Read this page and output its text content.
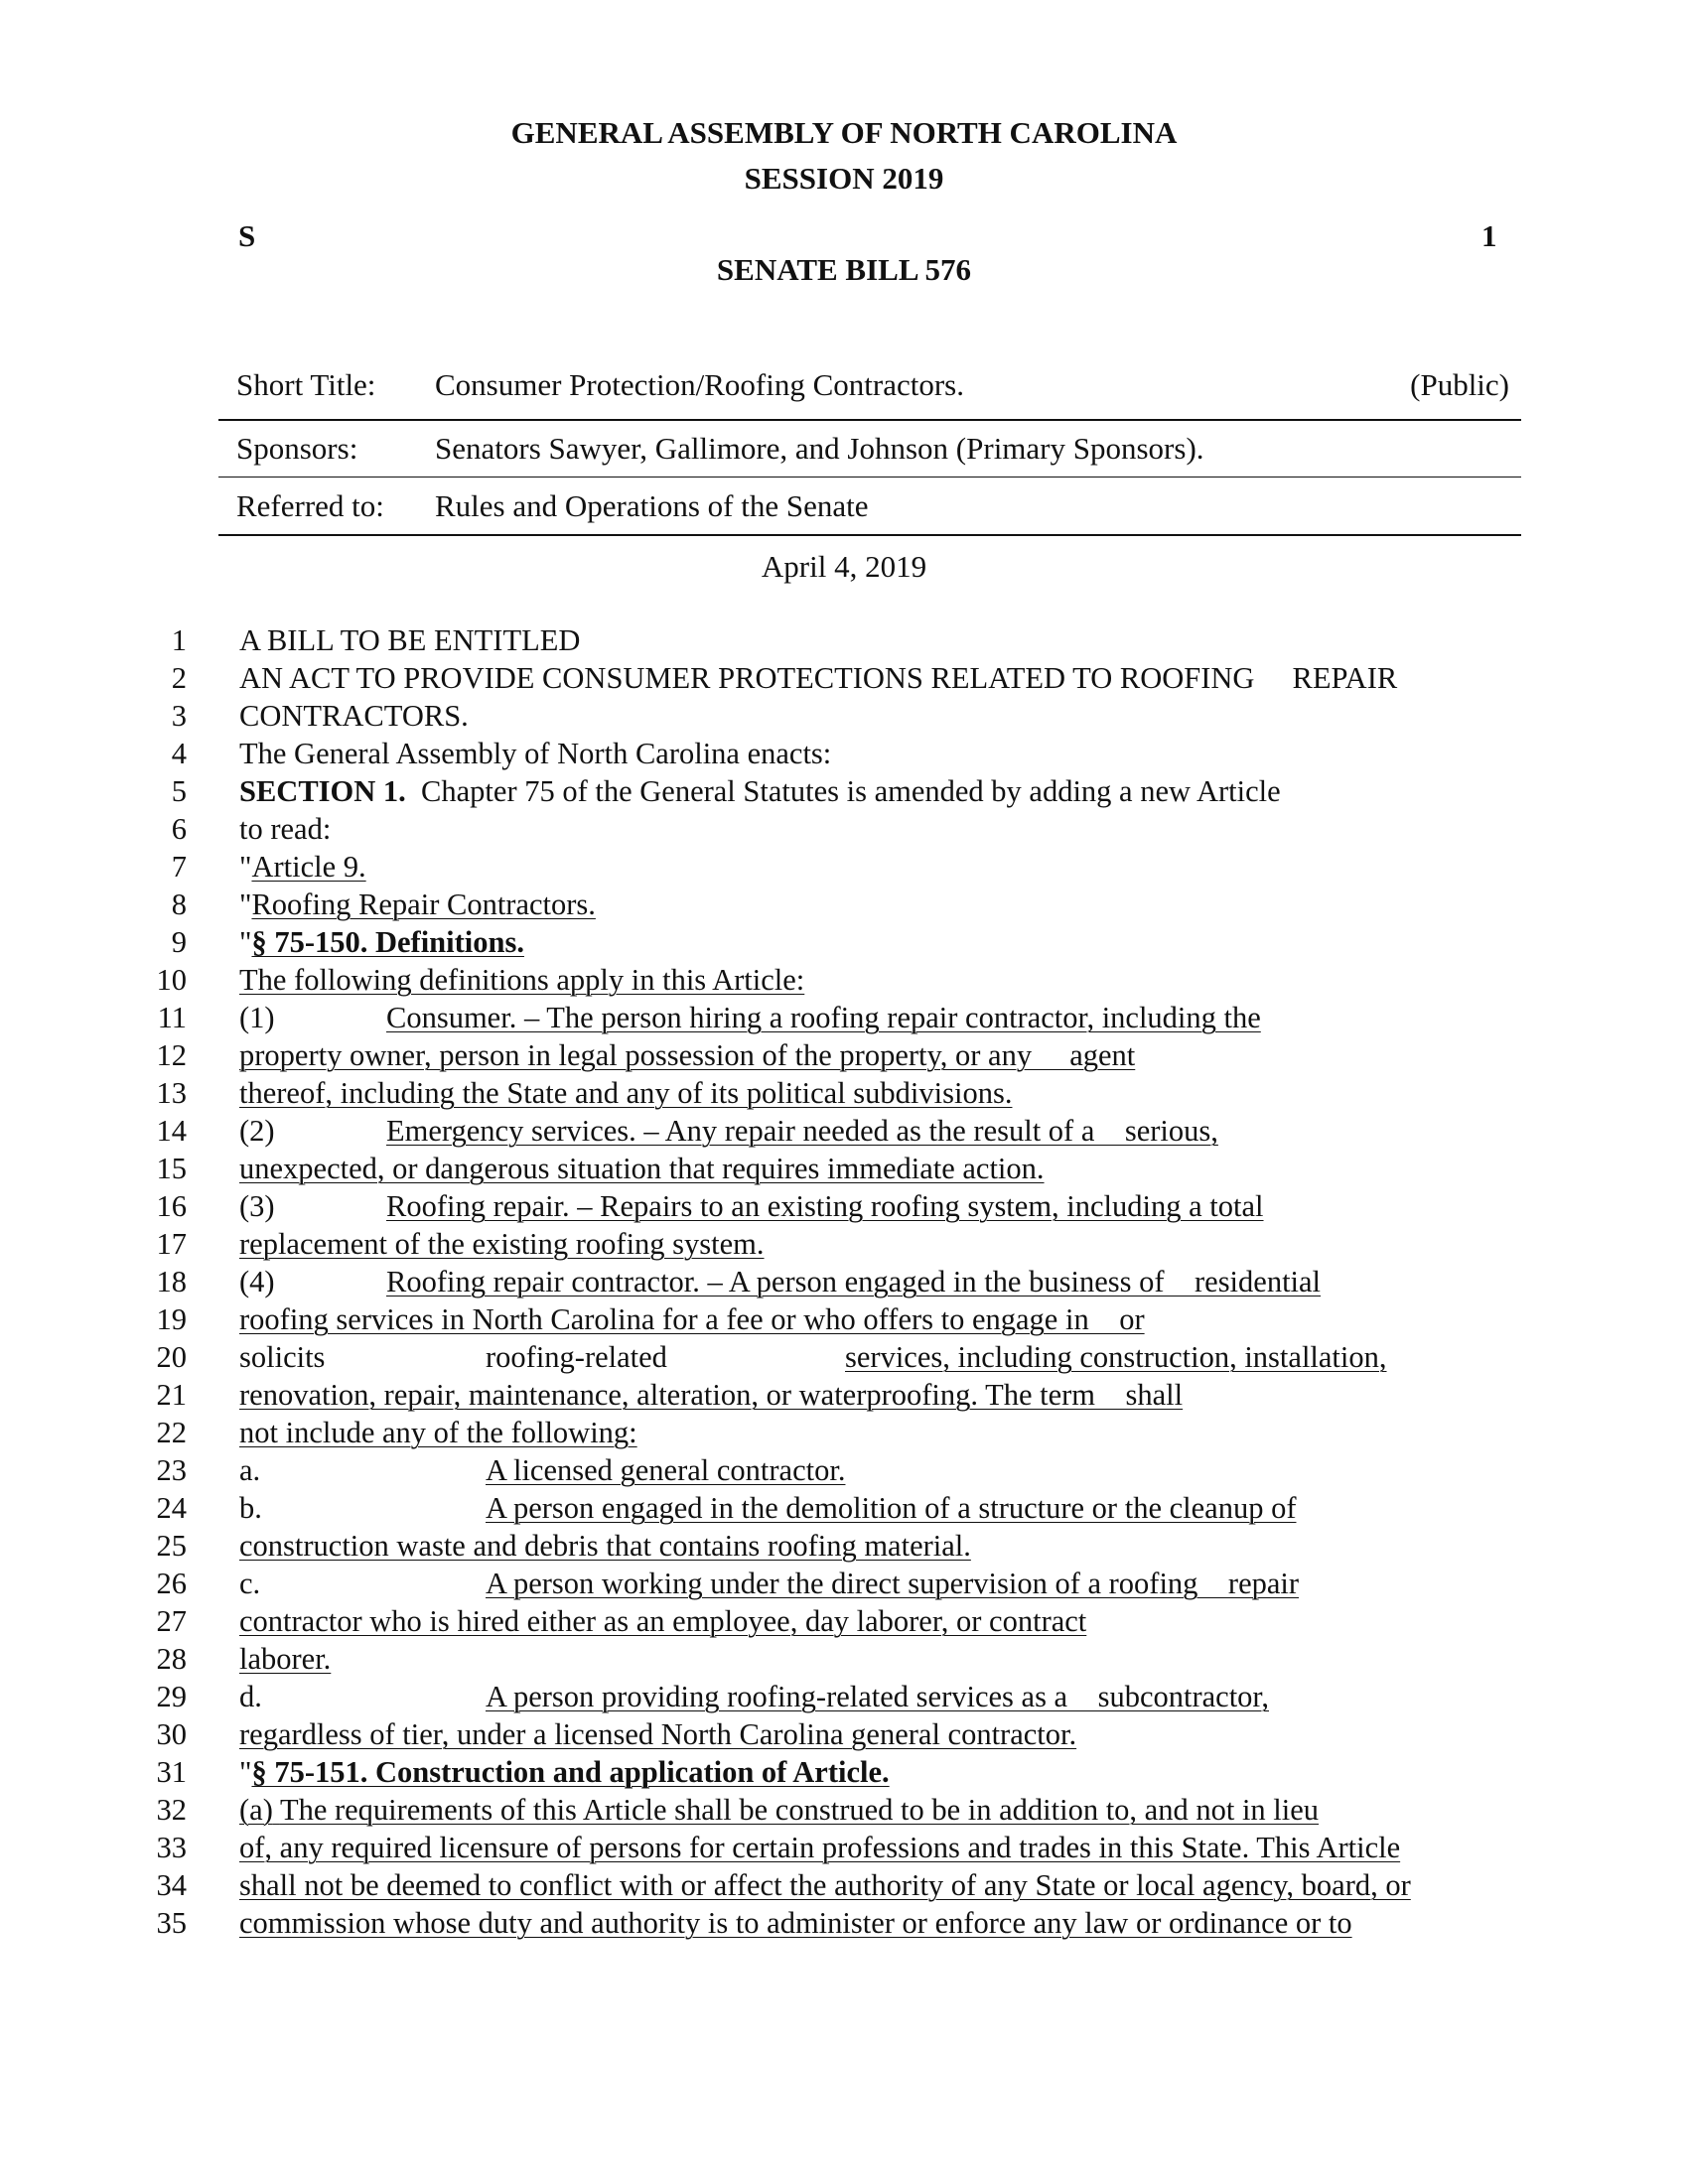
GENERAL ASSEMBLY OF NORTH CAROLINA
SESSION 2019
S	1
SENATE BILL 576
Short Title: Consumer Protection/Roofing Contractors.	(Public)
Sponsors:	Senators Sawyer, Gallimore, and Johnson (Primary Sponsors).
Referred to: Rules and Operations of the Senate
April 4, 2019
1 A BILL TO BE ENTITLED
2 AN ACT TO PROVIDE CONSUMER PROTECTIONS RELATED TO ROOFING  REPAIR
3 CONTRACTORS.
4 The General Assembly of North Carolina enacts:
5 SECTION 1. Chapter 75 of the General Statutes is amended by adding a new Article
6 to read:
7 "Article 9.
8 "Roofing Repair Contractors.
9 "§ 75-150. Definitions.
10 The following definitions apply in this Article:
11 (1)	Consumer. – The person hiring a roofing repair contractor, including the
12 property owner, person in legal possession of the property, or any  agent
13 thereof, including the State and any of its political subdivisions.
14 (2)	Emergency services. – Any repair needed as the result of a serious,
15 unexpected, or dangerous situation that requires immediate action.
16 (3)	Roofing repair. – Repairs to an existing roofing system, including a total
17 replacement of the existing roofing system.
18 (4)	Roofing repair contractor. – A person engaged in the business of residential
19 roofing services in North Carolina for a fee or who offers to engage in or
20 solicits	roofing-related	services, including construction, installation,
21 renovation, repair, maintenance, alteration, or waterproofing. The term shall
22 not include any of the following:
23 a.	A licensed general contractor.
24 b.	A person engaged in the demolition of a structure or the cleanup of
25 construction waste and debris that contains roofing material.
26 c.	A person working under the direct supervision of a roofing repair
27 contractor who is hired either as an employee, day laborer, or contract
28 laborer.
29 d.	A person providing roofing-related services as a subcontractor,
30 regardless of tier, under a licensed North Carolina general contractor.
31 "§ 75-151. Construction and application of Article.
32 (a) The requirements of this Article shall be construed to be in addition to, and not in lieu
33 of, any required licensure of persons for certain professions and trades in this State. This Article
34 shall not be deemed to conflict with or affect the authority of any State or local agency, board, or
35 commission whose duty and authority is to administer or enforce any law or ordinance or to
